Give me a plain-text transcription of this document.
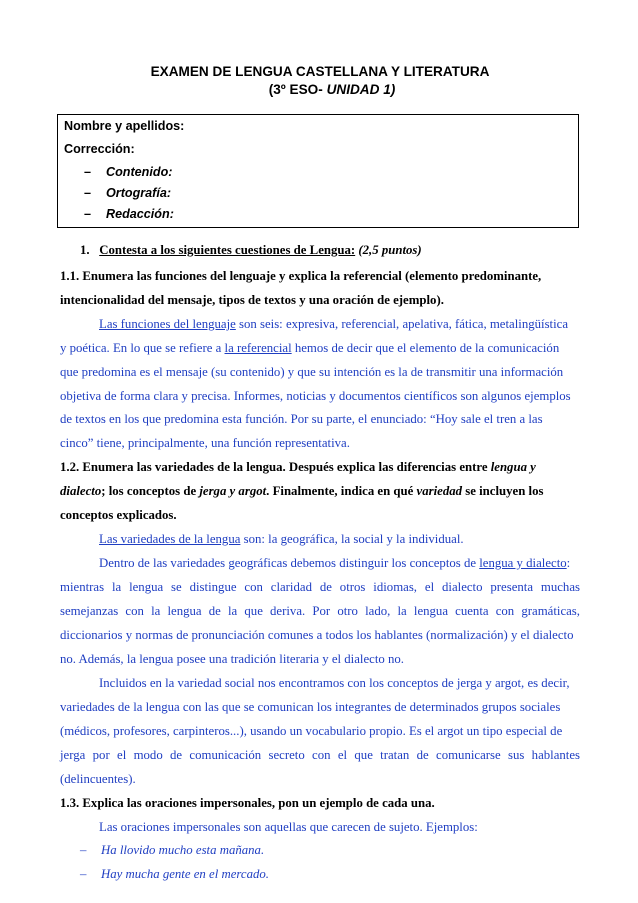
EXAMEN DE LENGUA CASTELLANA Y LITERATURA
(3º ESO- UNIDAD 1)
Nombre y apellidos:
Corrección:
– Contenido:
– Ortografía:
– Redacción:
1. Contesta a los siguientes cuestiones de Lengua: (2,5 puntos)
1.1. Enumera las funciones del lenguaje y explica la referencial (elemento predominante,
intencionalidad del mensaje, tipos de textos y una oración de ejemplo).
Las funciones del lenguaje son seis: expresiva, referencial, apelativa, fática, metalingüística
y poética. En lo que se refiere a la referencial hemos de decir que el elemento de la comunicación
que predomina es el mensaje (su contenido) y que su intención es la de transmitir una información
objetiva de forma clara y precisa. Informes, noticias y documentos científicos son algunos ejemplos
de textos en los que predomina esta función. Por su parte, el enunciado: “Hoy sale el tren a las
cinco” tiene, principalmente, una función representativa.
1.2. Enumera las variedades de la lengua. Después explica las diferencias entre lengua y
dialecto; los conceptos de jerga y argot. Finalmente, indica en qué variedad se incluyen los
conceptos explicados.
Las variedades de la lengua son: la geográfica, la social y la individual.
Dentro de las variedades geográficas debemos distinguir los conceptos de lengua y dialecto:
mientras la lengua se distingue con claridad de otros idiomas, el dialecto presenta muchas
semejanzas con la lengua de la que deriva. Por otro lado, la lengua cuenta con gramáticas,
diccionarios y normas de pronunciación comunes a todos los hablantes (normalización) y el dialecto
no. Además, la lengua posee una tradición literaria y el dialecto no.
Incluidos en la variedad social nos encontramos con los conceptos de jerga y argot, es decir,
variedades de la lengua con las que se comunican los integrantes de determinados grupos sociales
(médicos, profesores, carpinteros...), usando un vocabulario propio. Es el argot un tipo especial de
jerga por el modo de comunicación secreto con el que tratan de comunicarse sus hablantes
(delincuentes).
1.3. Explica las oraciones impersonales, pon un ejemplo de cada una.
Las oraciones impersonales son aquellas que carecen de sujeto. Ejemplos:
–	Ha llovido mucho esta mañana.
–	Hay mucha gente en el mercado.
